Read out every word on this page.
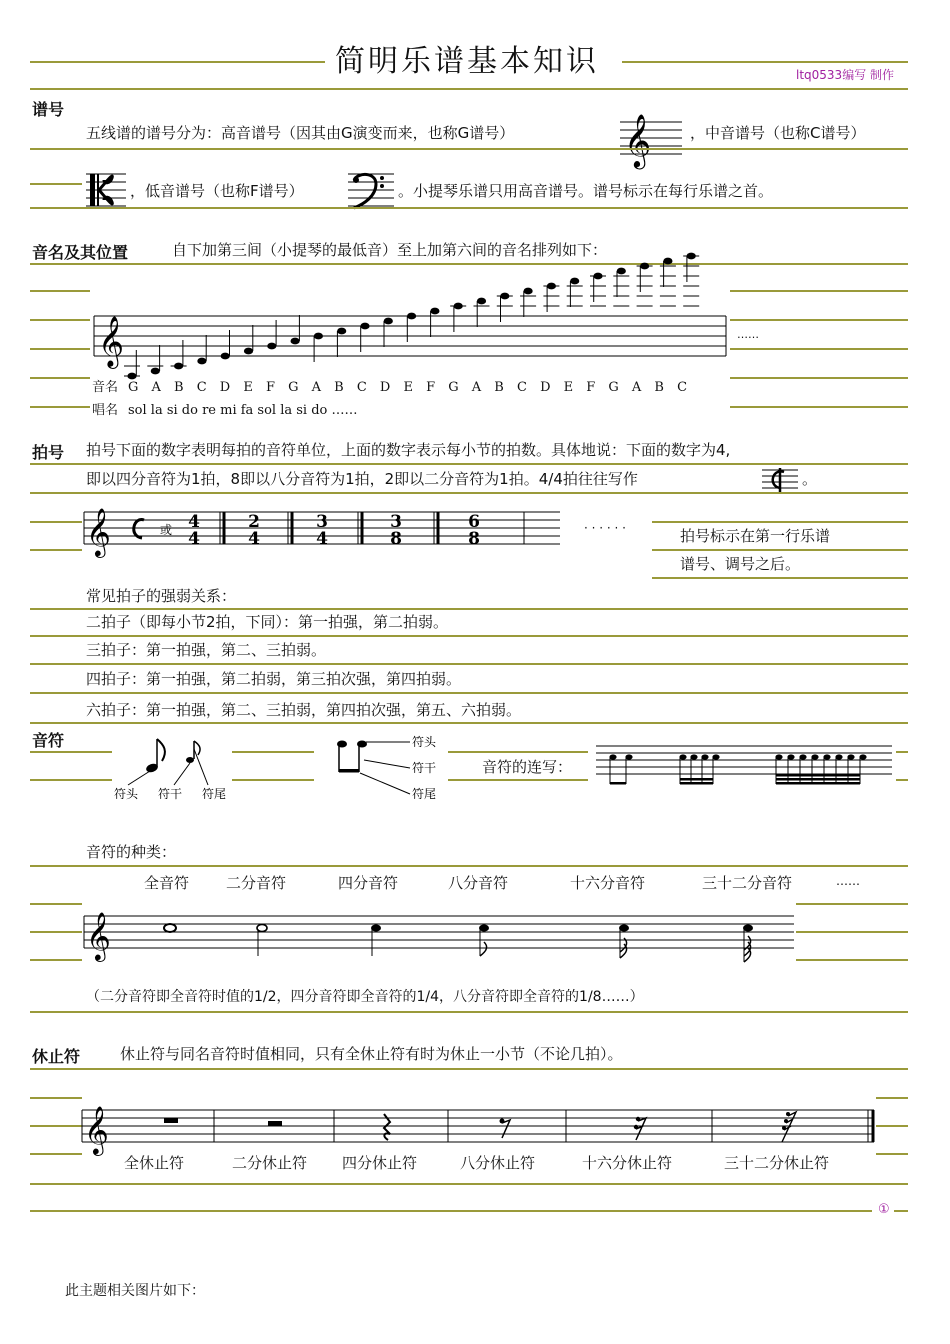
简明乐谱基本知识	ltq0533编写 制作
谱号
五线谱的谱号分为：高音谱号（因其由G演变而来，也称G谱号） 𝄞	，中音谱号（也称C谱号）
，低音谱号（也称F谱号）	。小提琴乐谱只用高音谱号。谱号标示在每行乐谱之首。
音名及其位置	自下加第三间（小提琴的最低音）至上加第六间的音名排列如下：
𝄞	……
音名 G A B C D E F G A B C D E F G A B C D E F G A B C
唱名 sol la si do re mi fa sol la si do ……
拍号 拍号下面的数字表明每拍的音符单位，上面的数字表示每小节的拍数。具体地说：下面的数字为4,
即以四分音符为1拍，8即以八分音符为1拍，2即以二分音符为1拍。4/4拍往往写作	。
𝄞	或 4
4
2
4
3
4
3
8
6
8
· · · · · ·	拍号标示在第一行乐谱
谱号、调号之后。
常见拍子的强弱关系：
二拍子（即每小节2拍，下同）：第一拍强，第二拍弱。
三拍子：第一拍强，第二、三拍弱。
四拍子：第一拍强，第二拍弱，第三拍次强，第四拍弱。
六拍子：第一拍强，第二、三拍弱，第四拍次强，第五、六拍弱。
音符
符头 符干 符尾
符头
符干
符尾
音符的连写：
音符的种类：
全音符 二分音符	四分音符	八分音符	十六分音符	三十二分音符	……
𝄞
（二分音符即全音符时值的1/2，四分音符即全音符的1/4，八分音符即全音符的1/8……）
休止符	休止符与同名音符时值相同，只有全休止符有时为休止一小节（不论几拍）。
𝄞
全休止符	二分休止符 四分休止符	八分休止符	十六分休止符	三十二分休止符
①
此主题相关图片如下：
